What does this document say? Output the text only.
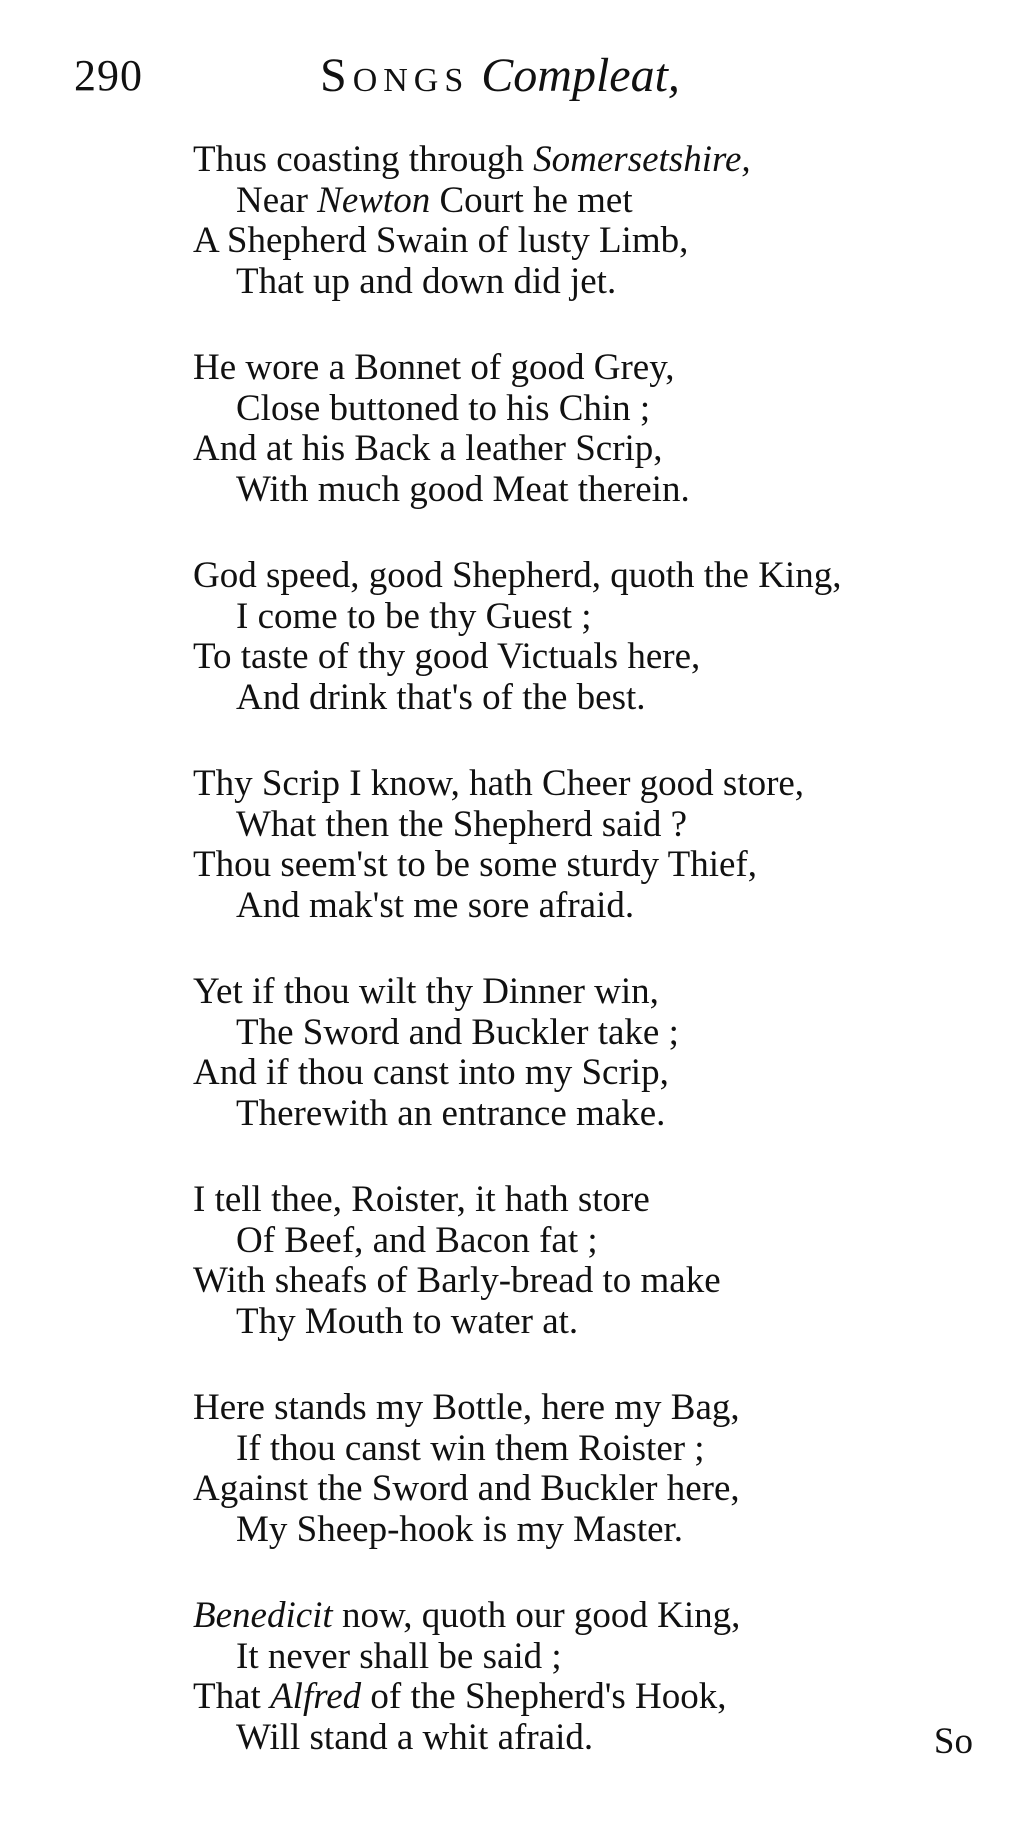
290	Songs Compleat,
Thus coasting through Somersetshire,
Near Newton Court he met
A Shepherd Swain of lusty Limb,
That up and down did jet.
He wore a Bonnet of good Grey,
Close buttoned to his Chin ;
And at his Back a leather Scrip,
With much good Meat therein.
God speed, good Shepherd, quoth the King,
I come to be thy Guest ;
To taste of thy good Victuals here,
And drink that's of the best.
Thy Scrip I know, hath Cheer good store,
What then the Shepherd said ?
Thou seem'st to be some sturdy Thief,
And mak'st me sore afraid.
Yet if thou wilt thy Dinner win,
The Sword and Buckler take ;
And if thou canst into my Scrip,
Therewith an entrance make.
I tell thee, Roister, it hath store
Of Beef, and Bacon fat ;
With sheafs of Barly-bread to make
Thy Mouth to water at.
Here stands my Bottle, here my Bag,
If thou canst win them Roister ;
Against the Sword and Buckler here,
My Sheep-hook is my Master.
Benedicit now, quoth our good King,
It never shall be said ;
That Alfred of the Shepherd's Hook,
Will stand a whit afraid.	So
